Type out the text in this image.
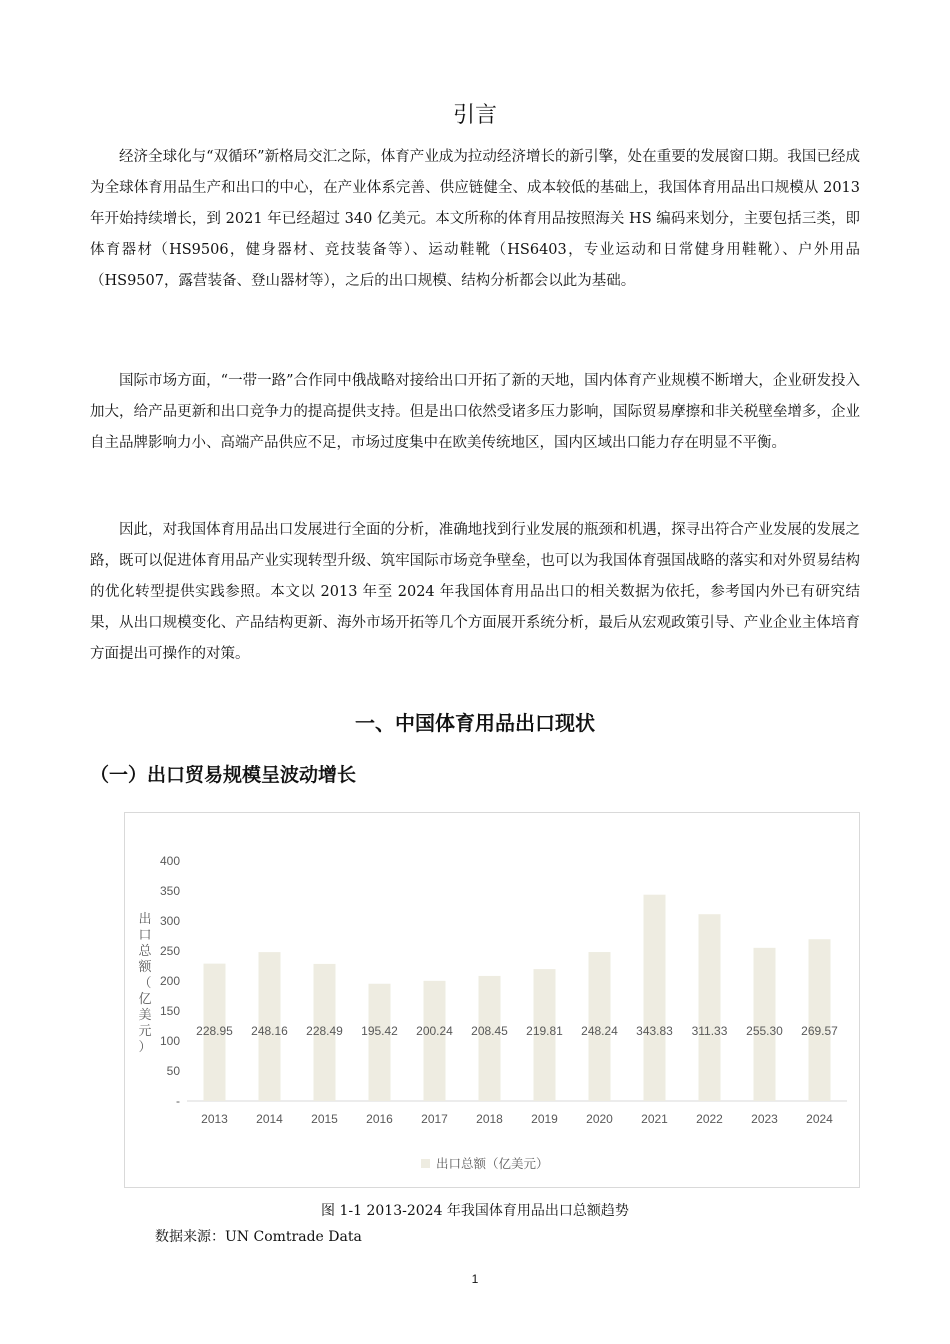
引言

经济全球化与“双循环”新格局交汇之际，体育产业成为拉动经济增长的新引擎，处在重要的发展窗口期。我国已经成为全球体育用品生产和出口的中心，在产业体系完善、供应链健全、成本较低的基础上，我国体育用品出口规模从 2013 年开始持续增长，到 2021 年已经超过 340 亿美元。本文所称的体育用品按照海关 HS 编码来划分，主要包括三类，即体育器材（HS9506，健身器材、竞技装备等）、运动鞋靴（HS6403，专业运动和日常健身用鞋靴）、户外用品（HS9507，露营装备、登山器材等），之后的出口规模、结构分析都会以此为基础。

国际市场方面，“一带一路”合作同中俄战略对接给出口开拓了新的天地，国内体育产业规模不断增大，企业研发投入加大，给产品更新和出口竞争力的提高提供支持。但是出口依然受诸多压力影响，国际贸易摩擦和非关税壁垒增多，企业自主品牌影响力小、高端产品供应不足，市场过度集中在欧美传统地区，国内区域出口能力存在明显不平衡。

因此，对我国体育用品出口发展进行全面的分析，准确地找到行业发展的瓶颈和机遇，探寻出符合产业发展的发展之路，既可以促进体育用品产业实现转型升级、筑牢国际市场竞争壁垒，也可以为我国体育强国战略的落实和对外贸易结构的优化转型提供实践参照。本文以 2013 年至 2024 年我国体育用品出口的相关数据为依托，参考国内外已有研究结果，从出口规模变化、产品结构更新、海外市场开拓等几个方面展开系统分析，最后从宏观政策引导、产业企业主体培育方面提出可操作的对策。

一、中国体育用品出口现状
（一）出口贸易规模呈波动增长
-
50
100
150
200
250
300
350
400
228.95
2013
248.16
2014
228.49
2015
195.42
2016
200.24
2017
208.45
2018
219.81
2019
248.24
2020
343.83
2021
311.33
2022
255.30
2023
269.57
2024
出
口
总
额
（
亿
美
元
）
出口总额（亿美元）
图 1-1 2013-2024 年我国体育用品出口总额趋势
数据来源：UN Comtrade Data
1
